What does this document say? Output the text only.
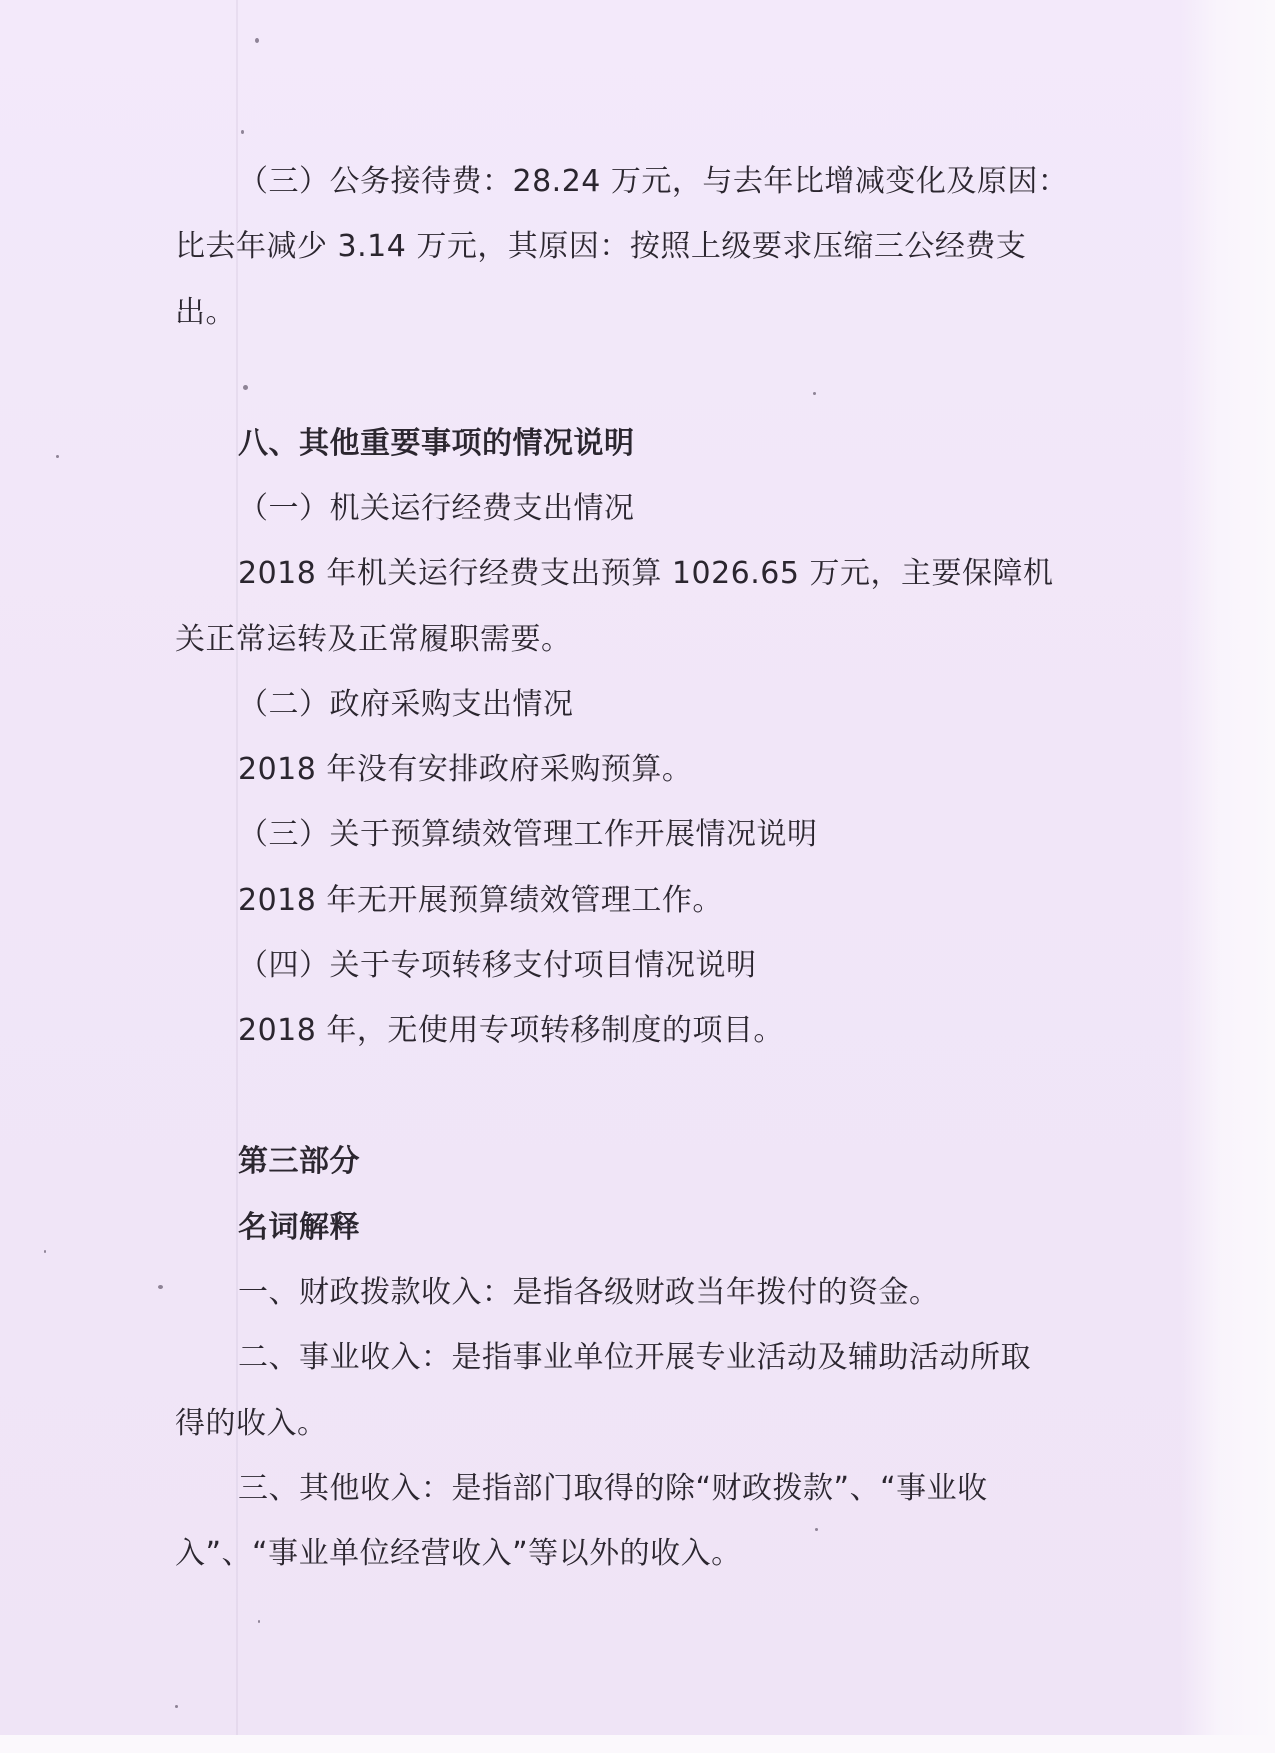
（三）公务接待费：28.24 万元，与去年比增减变化及原因：
比去年减少 3.14 万元，其原因：按照上级要求压缩三公经费支
出。
八、其他重要事项的情况说明
（一）机关运行经费支出情况
2018 年机关运行经费支出预算 1026.65 万元，主要保障机
关正常运转及正常履职需要。
（二）政府采购支出情况
2018 年没有安排政府采购预算。
（三）关于预算绩效管理工作开展情况说明
2018 年无开展预算绩效管理工作。
（四）关于专项转移支付项目情况说明
2018 年，无使用专项转移制度的项目。
第三部分
名词解释
一、财政拨款收入：是指各级财政当年拨付的资金。
二、事业收入：是指事业单位开展专业活动及辅助活动所取
得的收入。
三、其他收入：是指部门取得的除“财政拨款”、“事业收
入”、“事业单位经营收入”等以外的收入。
